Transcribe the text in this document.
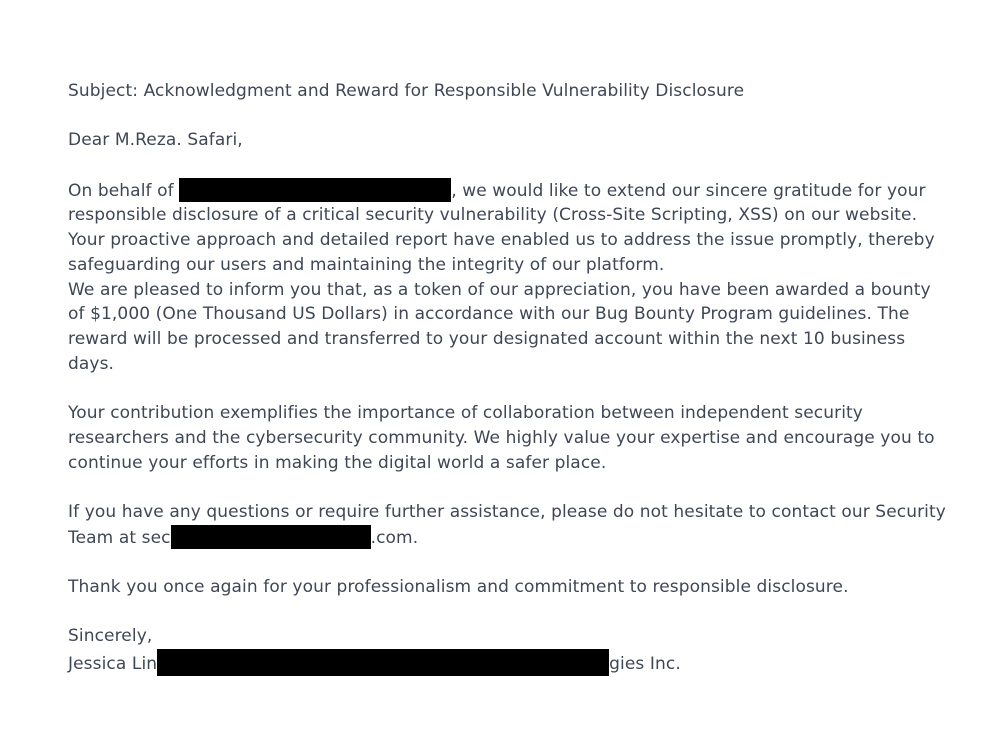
Subject: Acknowledgment and Reward for Responsible Vulnerability Disclosure

Dear M.Reza. Safari,

On behalf of	, we would like to extend our sincere gratitude for your responsible disclosure of a critical security vulnerability (Cross-Site Scripting, XSS) on our website. Your proactive approach and detailed report have enabled us to address the issue promptly, thereby safeguarding our users and maintaining the integrity of our platform.

We are pleased to inform you that, as a token of our appreciation, you have been awarded a bounty of $1,000 (One Thousand US Dollars) in accordance with our Bug Bounty Program guidelines. The reward will be processed and transferred to your designated account within the next 10 business days.

Your contribution exemplifies the importance of collaboration between independent security researchers and the cybersecurity community. We highly value your expertise and encourage you to continue your efforts in making the digital world a safer place.

If you have any questions or require further assistance, please do not hesitate to contact our Security Team at sec	.com.

Thank you once again for your professionalism and commitment to responsible disclosure.

Sincerely,
Jessica Lin	gies Inc.
